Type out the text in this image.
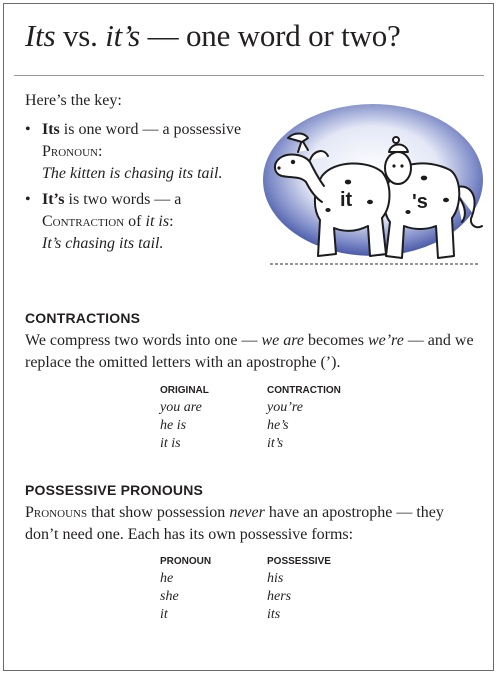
Its vs. it’s — one word or two?
Here’s the key:
• Its is one word — a possessive
Pronoun:
The kitten is chasing its tail.
• It’s is two words — a
Contraction of it is:
It’s chasing its tail.
it	's
CONTRACTIONS

We compress two words into one — we are becomes we’re — and we replace the omitted letters with an apostrophe (’).

ORIGINAL
you are
he is
it is
CONTRACTION
you’re
he’s
it’s
POSSESSIVE PRONOUNS

Pronouns that show possession never have an apostrophe — they don’t need one. Each has its own possessive forms:

PRONOUN
he
she
it
POSSESSIVE
his
hers
its
